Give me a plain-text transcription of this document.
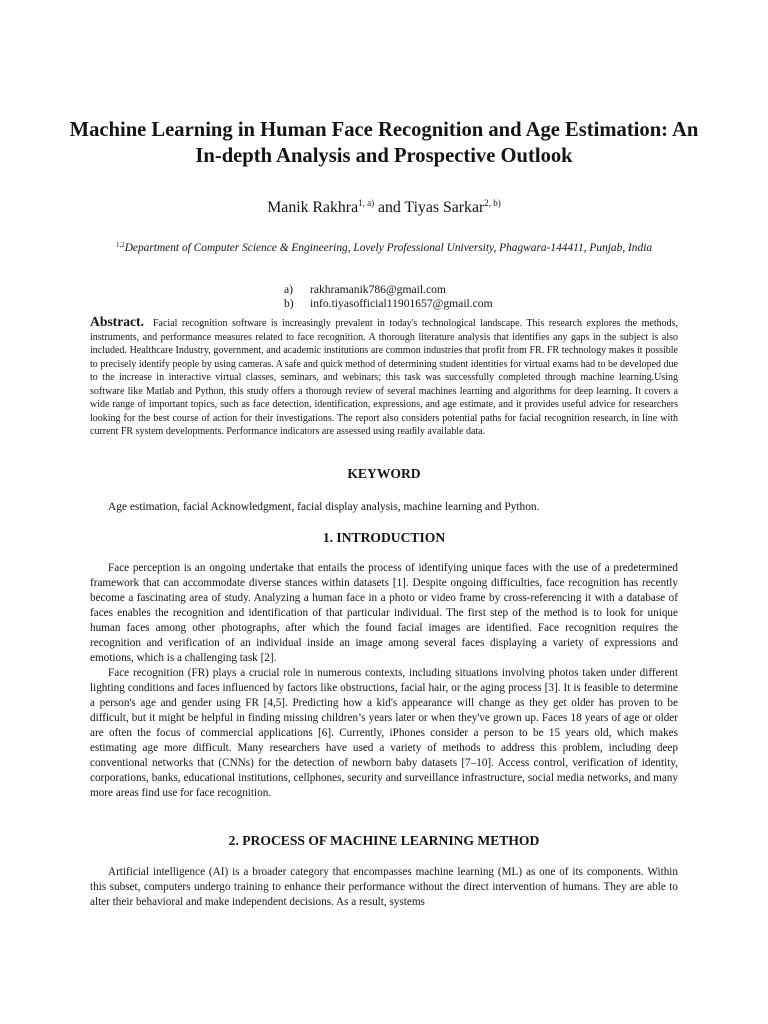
Machine Learning in Human Face Recognition and Age Estimation: An In-depth Analysis and Prospective Outlook
Manik Rakhra$^{1, a)}$ and Tiyas Sarkar$^{2, b)}$
$^{1,2}$Department of Computer Science & Engineering, Lovely Professional University, Phagwara-144411, Punjab, India
a) rakhramanik786@gmail.com
b) info.tiyasofficial11901657@gmail.com

Abstract. Facial recognition software is increasingly prevalent in today's technological landscape. This research explores the methods, instruments, and performance measures related to face recognition. A thorough literature analysis that identifies any gaps in the subject is also included. Healthcare Industry, government, and academic institutions are common industries that profit from FR. FR technology makes it possible to precisely identify people by using cameras. A safe and quick method of determining student identities for virtual exams had to be developed due to the increase in interactive virtual classes, seminars, and webinars; this task was successfully completed through machine learning.Using software like Matlab and Python, this study offers a thorough review of several machines learning and algorithms for deep learning. It covers a wide range of important topics, such as face detection, identification, expressions, and age estimate, and it provides useful advice for researchers looking for the best course of action for their investigations. The report also considers potential paths for facial recognition research, in line with current FR system developments. Performance indicators are assessed using readily available data.

KEYWORD

Age estimation, facial Acknowledgment, facial display analysis, machine learning and Python.

1. INTRODUCTION

Face perception is an ongoing undertake that entails the process of identifying unique faces with the use of a predetermined framework that can accommodate diverse stances within datasets [1]. Despite ongoing difficulties, face recognition has recently become a fascinating area of study. Analyzing a human face in a photo or video frame by cross-referencing it with a database of faces enables the recognition and identification of that particular individual. The first step of the method is to look for unique human faces among other photographs, after which the found facial images are identified. Face recognition requires the recognition and verification of an individual inside an image among several faces displaying a variety of expressions and emotions, which is a challenging task [2].

Face recognition (FR) plays a crucial role in numerous contexts, including situations involving photos taken under different lighting conditions and faces influenced by factors like obstructions, facial hair, or the aging process [3]. It is feasible to determine a person's age and gender using FR [4,5]. Predicting how a kid's appearance will change as they get older has proven to be difficult, but it might be helpful in finding missing children’s years later or when they've grown up. Faces 18 years of age or older are often the focus of commercial applications [6]. Currently, iPhones consider a person to be 15 years old, which makes estimating age more difficult. Many researchers have used a variety of methods to address this problem, including deep conventional networks that (CNNs) for the detection of newborn baby datasets [7–10]. Access control, verification of identity, corporations, banks, educational institutions, cellphones, security and surveillance infrastructure, social media networks, and many more areas find use for face recognition.

2. PROCESS OF MACHINE LEARNING METHOD

Artificial intelligence (AI) is a broader category that encompasses machine learning (ML) as one of its components. Within this subset, computers undergo training to enhance their performance without the direct intervention of humans. They are able to alter their behavioral and make independent decisions. As a result, systems
